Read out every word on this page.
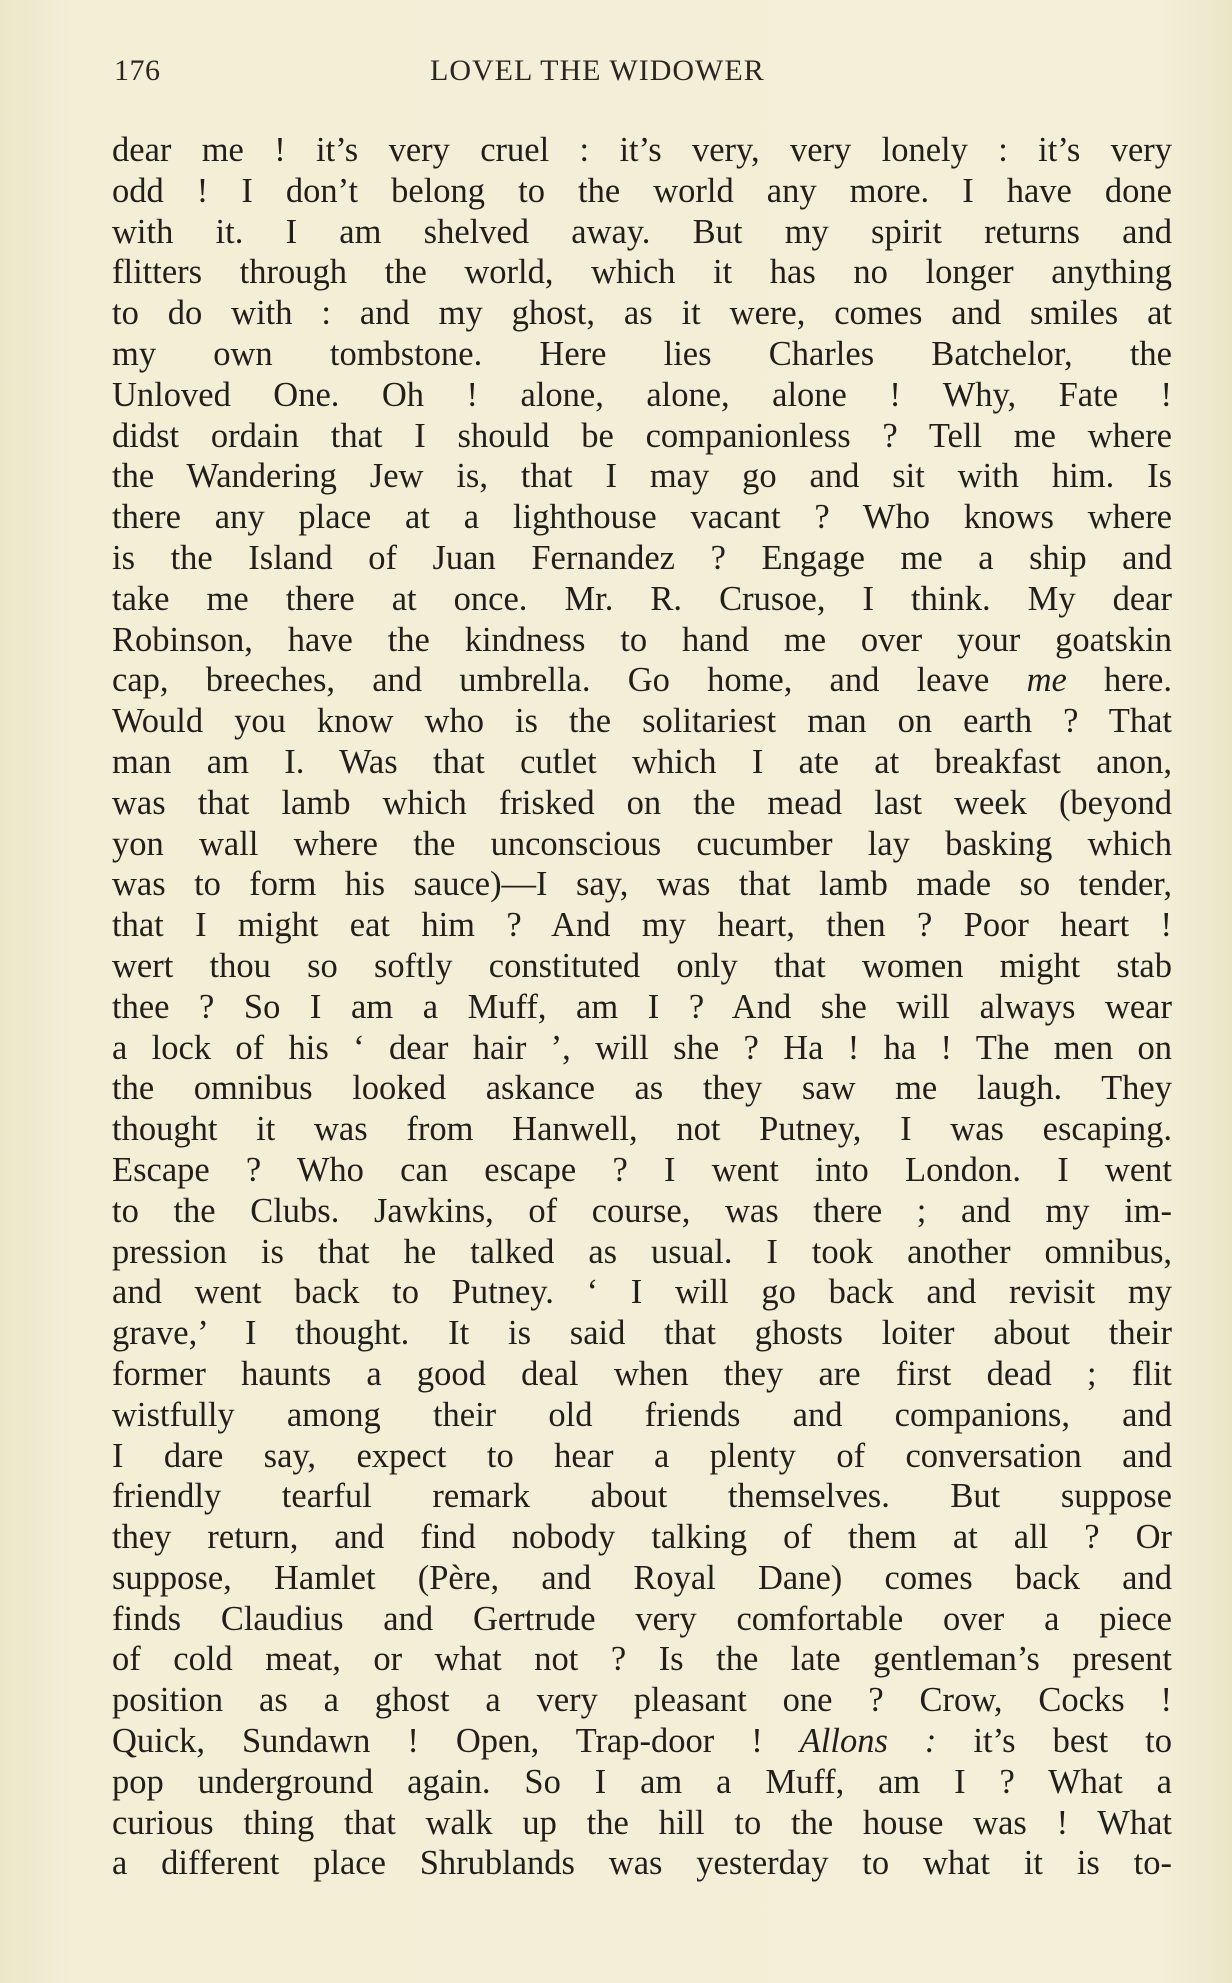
176	LOVEL THE WIDOWER
dear me ! it’s very cruel : it’s very, very lonely : it’s very
odd ! I don’t belong to the world any more. I have done
with it. I am shelved away. But my spirit returns and
flitters through the world, which it has no longer anything
to do with : and my ghost, as it were, comes and smiles at
my own tombstone. Here lies Charles Batchelor, the
Unloved One. Oh ! alone, alone, alone ! Why, Fate !
didst ordain that I should be companionless ? Tell me where
the Wandering Jew is, that I may go and sit with him. Is
there any place at a lighthouse vacant ? Who knows where
is the Island of Juan Fernandez ? Engage me a ship and
take me there at once. Mr. R. Crusoe, I think. My dear
Robinson, have the kindness to hand me over your goatskin
cap, breeches, and umbrella. Go home, and leave me here.
Would you know who is the solitariest man on earth ? That
man am I. Was that cutlet which I ate at breakfast anon,
was that lamb which frisked on the mead last week (beyond
yon wall where the unconscious cucumber lay basking which
was to form his sauce)—I say, was that lamb made so tender,
that I might eat him ? And my heart, then ? Poor heart !
wert thou so softly constituted only that women might stab
thee ? So I am a Muff, am I ? And she will always wear
a lock of his ‘ dear hair ’, will she ? Ha ! ha ! The men on
the omnibus looked askance as they saw me laugh. They
thought it was from Hanwell, not Putney, I was escaping.
Escape ? Who can escape ? I went into London. I went
to the Clubs. Jawkins, of course, was there ; and my im-
pression is that he talked as usual. I took another omnibus,
and went back to Putney. ‘ I will go back and revisit my
grave,’ I thought. It is said that ghosts loiter about their
former haunts a good deal when they are first dead ; flit
wistfully among their old friends and companions, and
I dare say, expect to hear a plenty of conversation and
friendly tearful remark about themselves. But suppose
they return, and find nobody talking of them at all ? Or
suppose, Hamlet (Père, and Royal Dane) comes back and
finds Claudius and Gertrude very comfortable over a piece
of cold meat, or what not ? Is the late gentleman’s present
position as a ghost a very pleasant one ? Crow, Cocks !
Quick, Sundawn ! Open, Trap-door ! Allons : it’s best to
pop underground again. So I am a Muff, am I ? What a
curious thing that walk up the hill to the house was ! What
a different place Shrublands was yesterday to what it is to-
